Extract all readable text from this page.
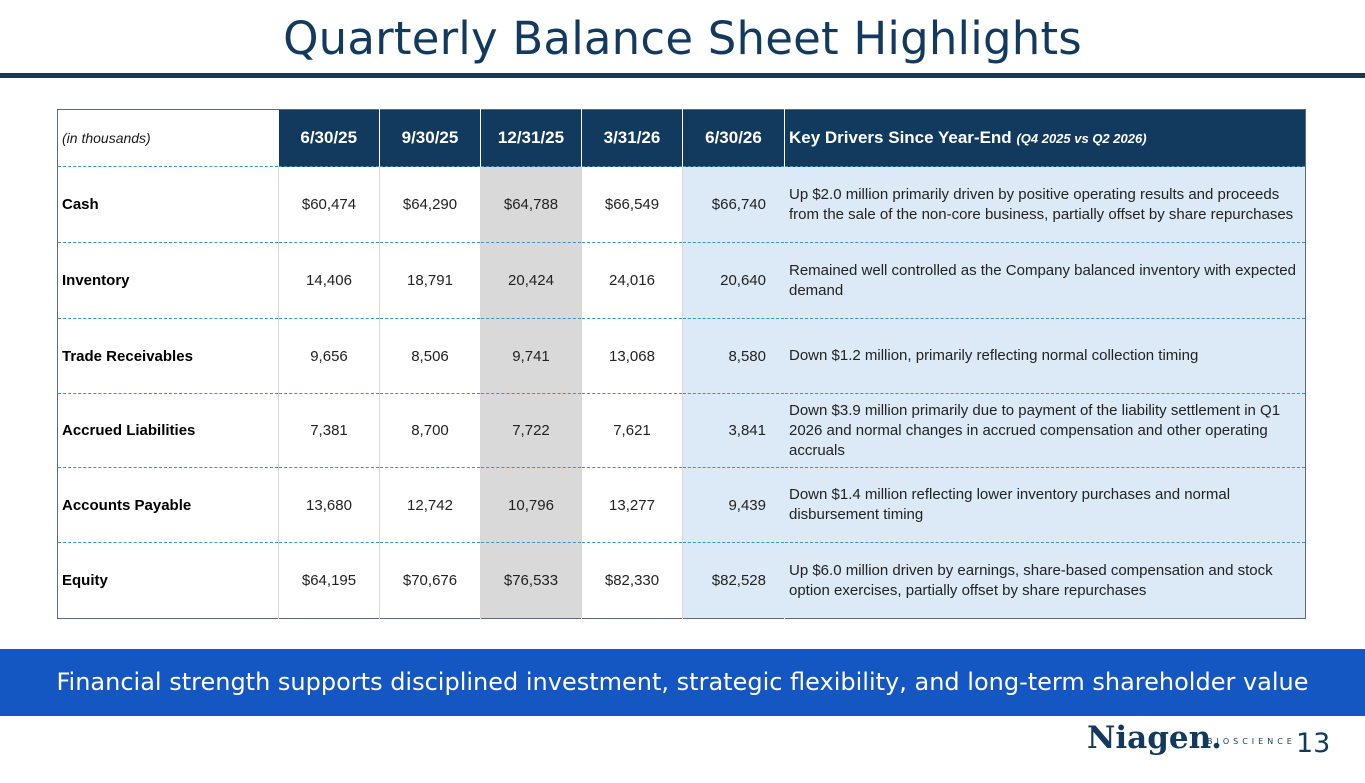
Quarterly Balance Sheet Highlights
(in thousands)	6/30/25	9/30/25	12/31/25	3/31/26	6/30/26	Key Drivers Since Year-End (Q4 2025 vs Q2 2026)
Cash	$60,474	$64,290	$64,788	$66,549	$66,740	Up $2.0 million primarily driven by positive operating results and proceeds from the sale of the non-core business, partially offset by share repurchases
Inventory	14,406	18,791	20,424	24,016	20,640	Remained well controlled as the Company balanced inventory with expected demand
Trade Receivables	9,656	8,506	9,741	13,068	8,580	Down $1.2 million, primarily reflecting normal collection timing
Accrued Liabilities	7,381	8,700	7,722	7,621	3,841	Down $3.9 million primarily due to payment of the liability settlement in Q1 2026 and normal changes in accrued compensation and other operating accruals
Accounts Payable	13,680	12,742	10,796	13,277	9,439	Down $1.4 million reflecting lower inventory purchases and normal disbursement timing
Equity	$64,195	$70,676	$76,533	$82,330	$82,528	Up $6.0 million driven by earnings, share-based compensation and stock option exercises, partially offset by share repurchases
Financial strength supports disciplined investment, strategic flexibility, and long-term shareholder value creation.	Niagen.
BIOSCIENCE 13
